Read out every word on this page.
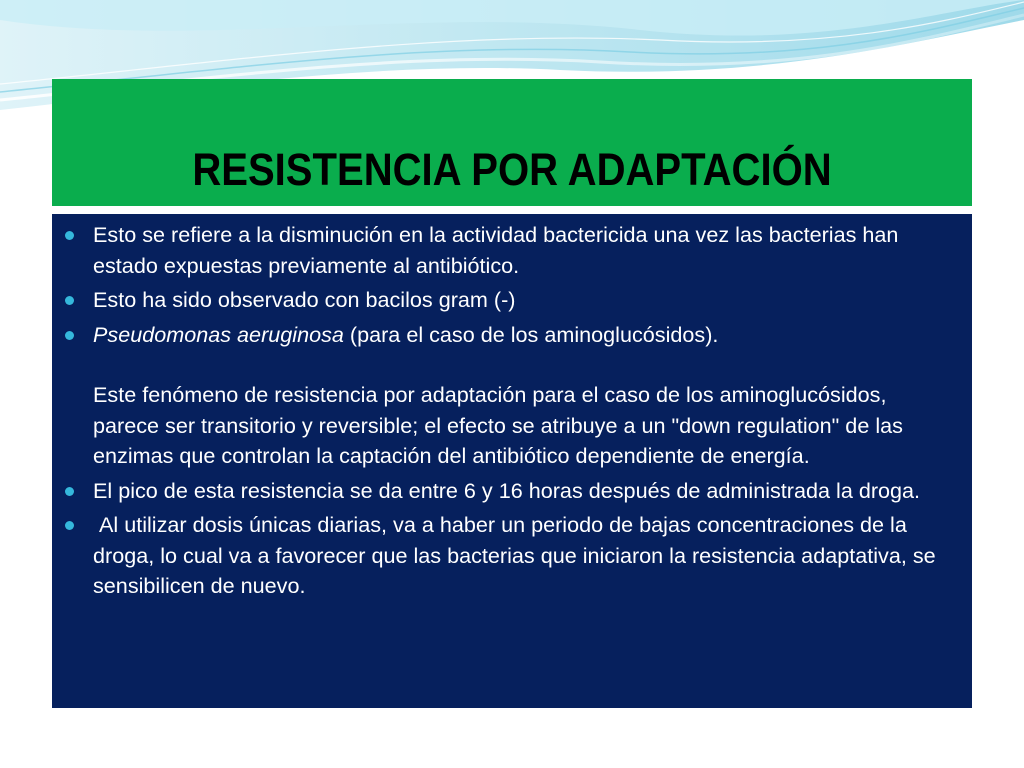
RESISTENCIA POR ADAPTACIÓN
Esto se refiere a la disminución en la actividad bactericida una vez las bacterias han estado expuestas previamente al antibiótico.
Esto ha sido observado con bacilos gram (-)
Pseudomonas aeruginosa (para el caso de los aminoglucósidos).
Este fenómeno de resistencia por adaptación para el caso de los aminoglucósidos, parece ser transitorio y reversible; el efecto se atribuye a un "down regulation" de las enzimas que controlan la captación del antibiótico dependiente de energía.
El pico de esta resistencia se da entre 6 y 16 horas después de administrada la droga.
Al utilizar dosis únicas diarias, va a haber un periodo de bajas concentraciones de la droga, lo cual va a favorecer que las bacterias que iniciaron la resistencia adaptativa, se sensibilicen de nuevo.
